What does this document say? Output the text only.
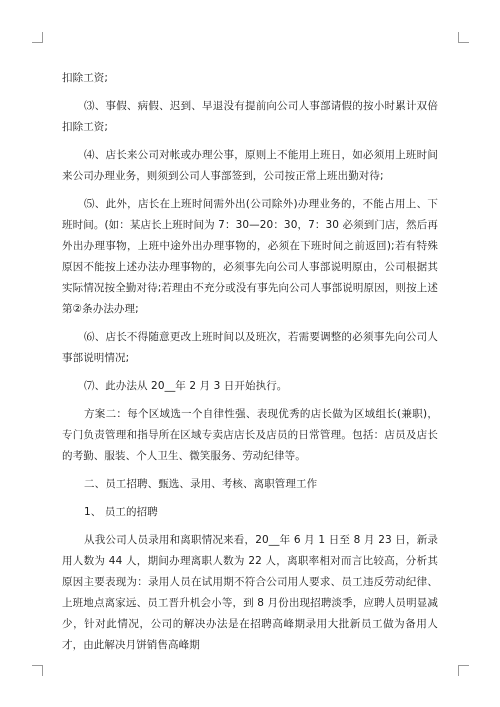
扣除工资;

⑶、事假、病假、迟到、早退没有提前向公司人事部请假的按小时累计双倍扣除工资;

⑷、店长来公司对帐或办理公事，原则上不能用上班日，如必须用上班时间来公司办理业务，则须到公司人事部签到，公司按正常上班出勤对待;

⑸、此外，店长在上班时间需外出(公司除外)办理业务的，不能占用上、下班时间。(如：某店长上班时间为 7：30—20：30，7：30 必须到门店，然后再外出办理事物，上班中途外出办理事物的，必须在下班时间之前返回);若有特殊原因不能按上述办法办理事物的，必须事先向公司人事部说明原由，公司根据其实际情况按全勤对待;若理由不充分或没有事先向公司人事部说明原因，则按上述第②条办法办理;

⑹、店长不得随意更改上班时间以及班次，若需要调整的必须事先向公司人事部说明情况;

⑺、此办法从 20__年 2 月 3 日开始执行。

方案二：每个区域选一个自律性强、表现优秀的店长做为区域组长(兼职)，专门负责管理和指导所在区域专卖店店长及店员的日常管理。包括：店员及店长的考勤、服装、个人卫生、微笑服务、劳动纪律等。

二、员工招聘、甄选、录用、考核、离职管理工作

1、 员工的招聘

从我公司人员录用和离职情况来看，20__年 6 月 1 日至 8 月 23 日，新录用人数为 44 人，期间办理离职人数为 22 人，离职率相对而言比较高，分析其原因主要表现为：录用人员在试用期不符合公司用人要求、员工违反劳动纪律、上班地点离家远、员工晋升机会小等，到 8 月份出现招聘淡季，应聘人员明显减少，针对此情况，公司的解决办法是在招聘高峰期录用大批新员工做为备用人才，由此解决月饼销售高峰期
